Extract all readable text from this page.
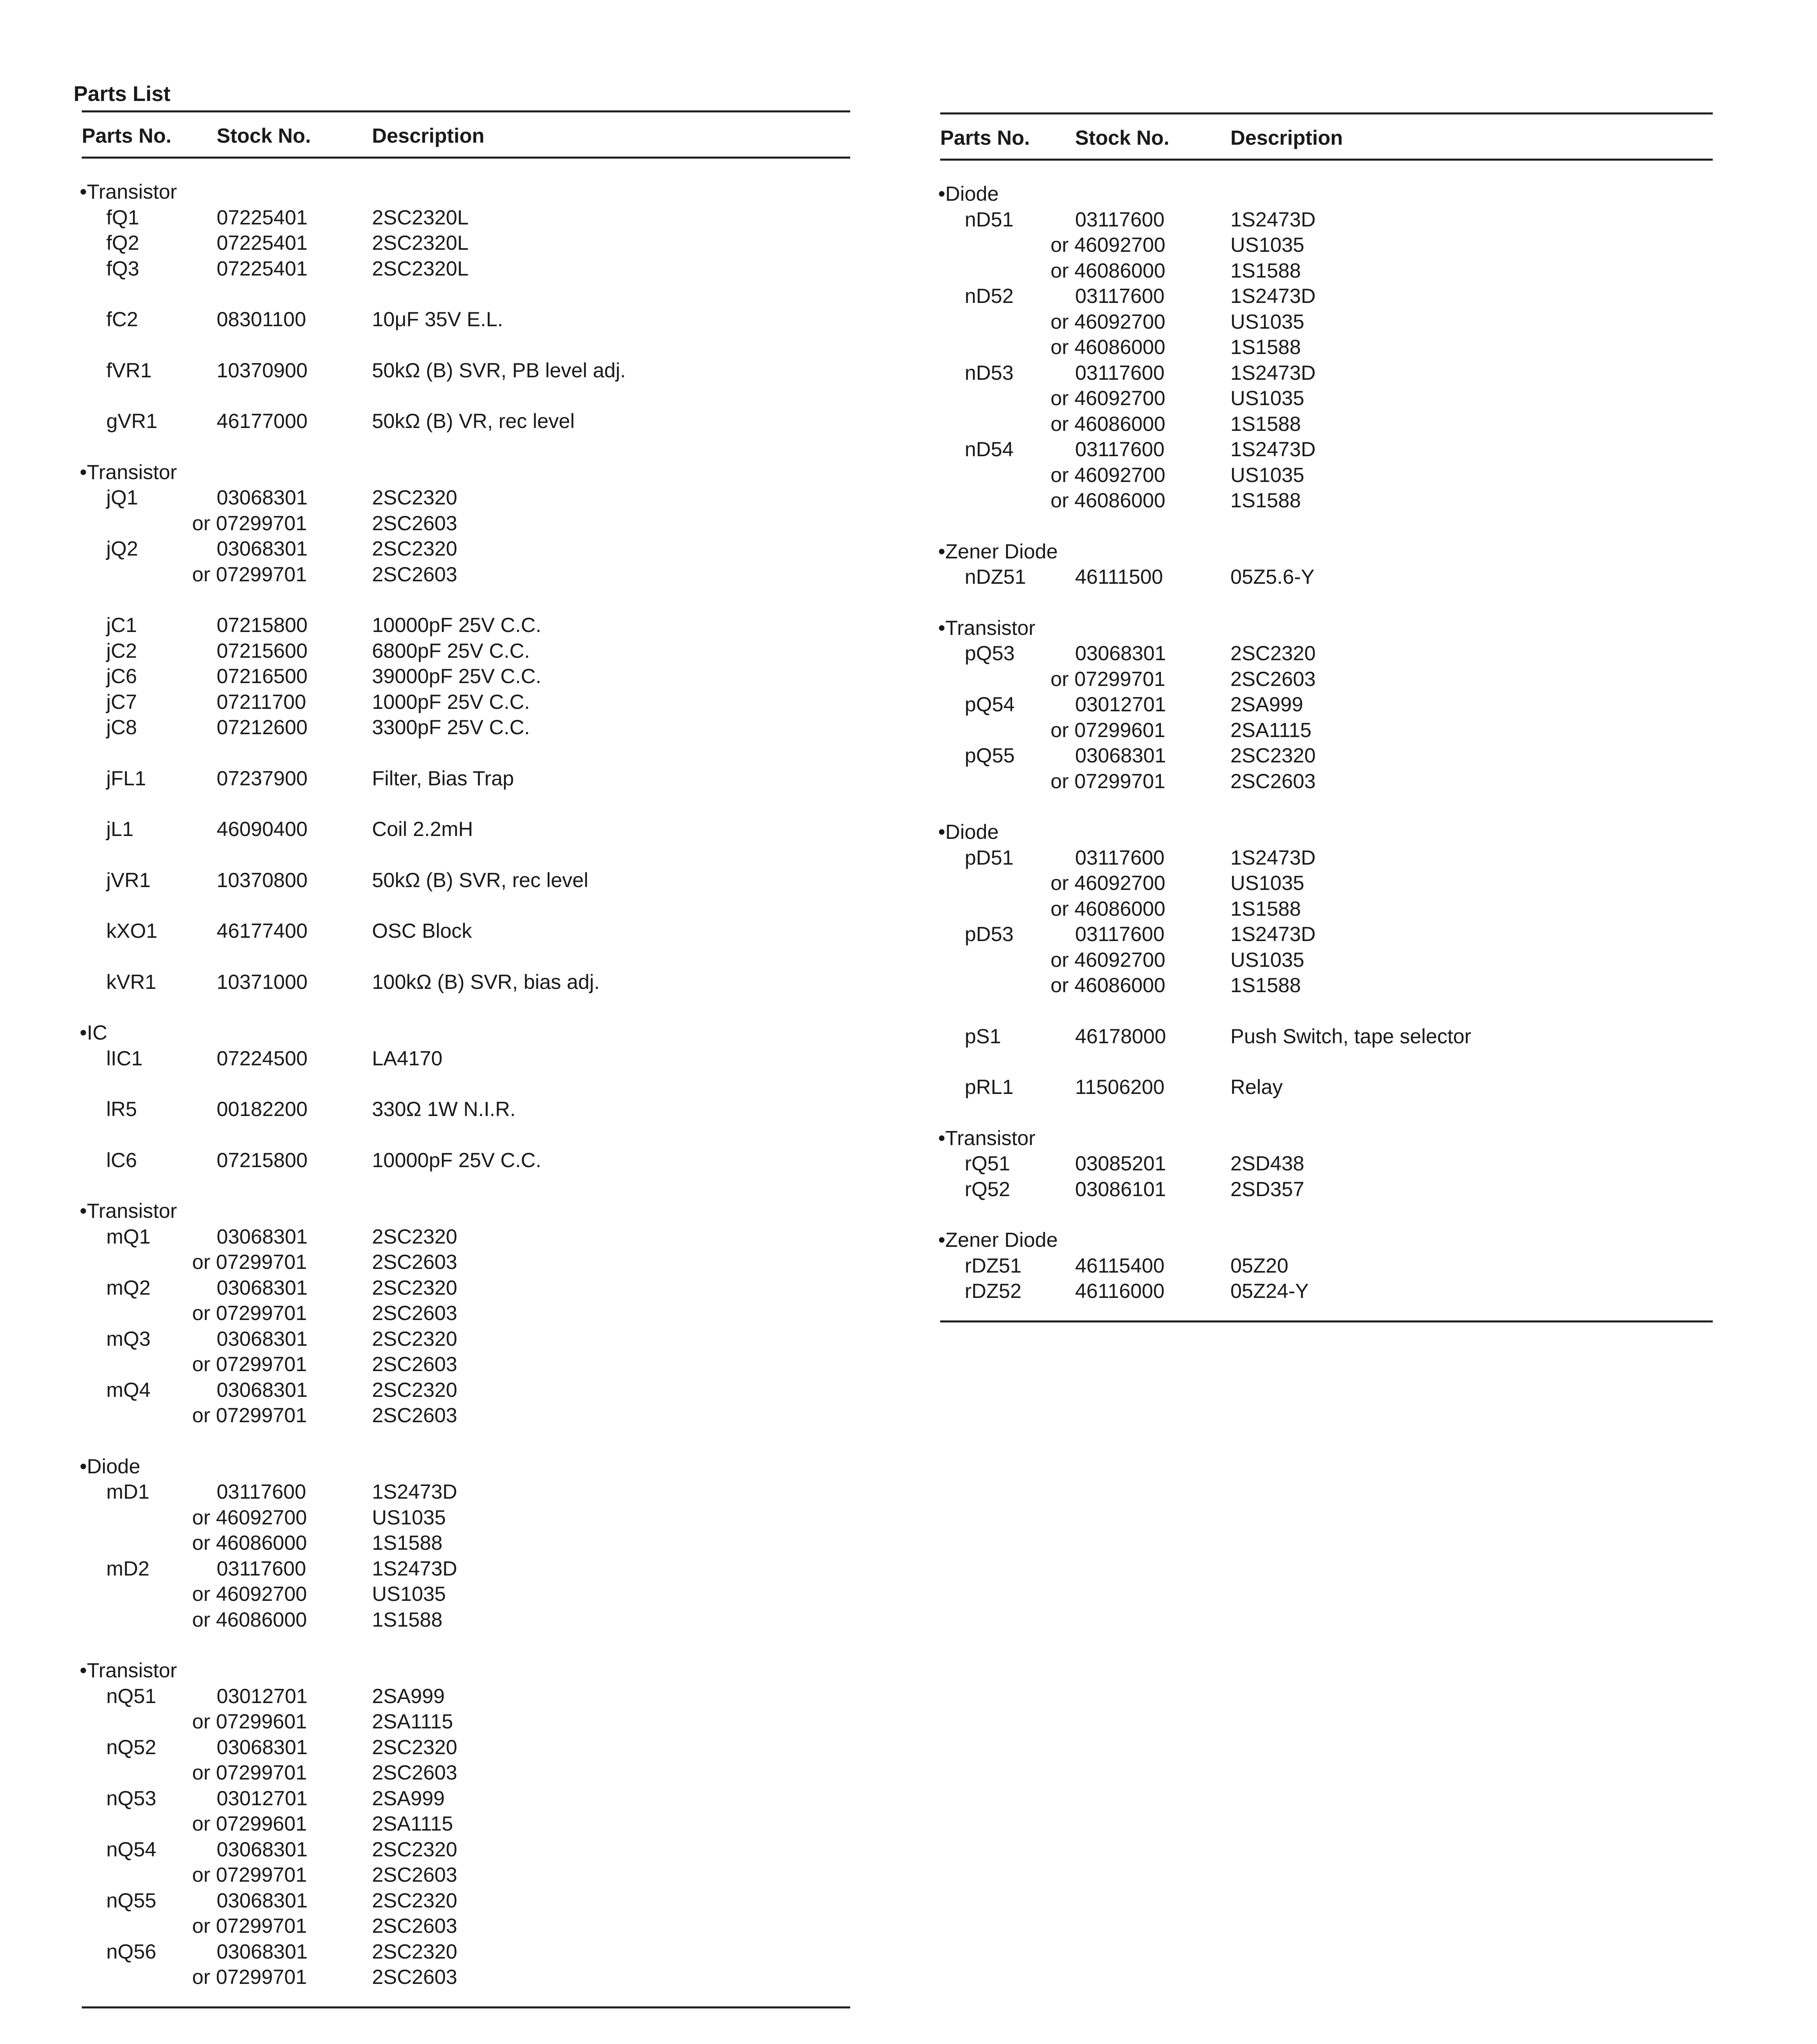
Parts List
Parts No. Stock No.	Description
•Transistor
fQ1	07225401	2SC2320L
fQ2	07225401	2SC2320L
fQ3	07225401	2SC2320L
fC2	08301100	10μF 35V E.L.
fVR1	10370900	50kΩ (B) SVR, PB level adj.
gVR1	46177000	50kΩ (B) VR, rec level
•Transistor
jQ1	03068301	2SC2320
or 07299701	2SC2603
jQ2	03068301	2SC2320
or 07299701	2SC2603
jC1	07215800	10000pF 25V C.C.
jC2	07215600	6800pF 25V C.C.
jC6	07216500	39000pF 25V C.C.
jC7	07211700	1000pF 25V C.C.
jC8	07212600	3300pF 25V C.C.
jFL1	07237900	Filter, Bias Trap
jL1	46090400	Coil 2.2mH
jVR1	10370800	50kΩ (B) SVR, rec level
kXO1	46177400	OSC Block
kVR1	10371000	100kΩ (B) SVR, bias adj.
•IC
lIC1	07224500	LA4170
lR5	00182200	330Ω 1W N.I.R.
lC6	07215800	10000pF 25V C.C.
•Transistor
mQ1	03068301	2SC2320
or 07299701	2SC2603
mQ2	03068301	2SC2320
or 07299701	2SC2603
mQ3	03068301	2SC2320
or 07299701	2SC2603
mQ4	03068301	2SC2320
or 07299701	2SC2603
•Diode
mD1	03117600	1S2473D
or 46092700	US1035
or 46086000	1S1588
mD2	03117600	1S2473D
or 46092700	US1035
or 46086000	1S1588
•Transistor
nQ51	03012701	2SA999
or 07299601	2SA1115
nQ52	03068301	2SC2320
or 07299701	2SC2603
nQ53	03012701	2SA999
or 07299601	2SA1115
nQ54	03068301	2SC2320
or 07299701	2SC2603
nQ55	03068301	2SC2320
or 07299701	2SC2603
nQ56	03068301	2SC2320
or 07299701	2SC2603
Parts No. Stock No.	Description
•Diode
nD51	03117600	1S2473D
or 46092700	US1035
or 46086000	1S1588
nD52	03117600	1S2473D
or 46092700	US1035
or 46086000	1S1588
nD53	03117600	1S2473D
or 46092700	US1035
or 46086000	1S1588
nD54	03117600	1S2473D
or 46092700	US1035
or 46086000	1S1588
•Zener Diode
nDZ51 46111500	05Z5.6-Y
•Transistor
pQ53	03068301	2SC2320
or 07299701	2SC2603
pQ54	03012701	2SA999
or 07299601	2SA1115
pQ55	03068301	2SC2320
or 07299701	2SC2603
•Diode
pD51	03117600	1S2473D
or 46092700	US1035
or 46086000	1S1588
pD53	03117600	1S2473D
or 46092700	US1035
or 46086000	1S1588
pS1	46178000	Push Switch, tape selector
pRL1	11506200	Relay
•Transistor
rQ51	03085201	2SD438
rQ52	03086101	2SD357
•Zener Diode
rDZ51	46115400	05Z20
rDZ52	46116000	05Z24-Y
